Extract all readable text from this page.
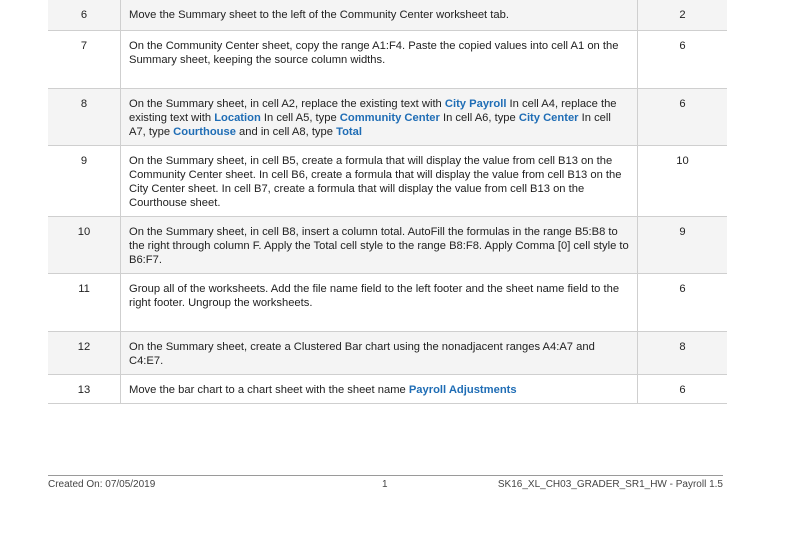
6	Move the Summary sheet to the left of the Community Center worksheet tab.	2
7	On the Community Center sheet, copy the range A1:F4. Paste the copied values into cell A1 on the Summary sheet, keeping the source column widths.	6
8	On the Summary sheet, in cell A2, replace the existing text with City Payroll In cell A4, replace the existing text with Location In cell A5, type Community Center In cell A6, type City Center In cell A7, type Courthouse and in cell A8, type Total	6
9	On the Summary sheet, in cell B5, create a formula that will display the value from cell B13 on the Community Center sheet. In cell B6, create a formula that will display the value from cell B13 on the City Center sheet. In cell B7, create a formula that will display the value from cell B13 on the Courthouse sheet.	10
10	On the Summary sheet, in cell B8, insert a column total. AutoFill the formulas in the range B5:B8 to the right through column F. Apply the Total cell style to the range B8:F8. Apply Comma [0] cell style to B6:F7.	9
11	Group all of the worksheets. Add the file name field to the left footer and the sheet name field to the right footer. Ungroup the worksheets.	6
12	On the Summary sheet, create a Clustered Bar chart using the nonadjacent ranges A4:A7 and C4:E7.	8
13	Move the bar chart to a chart sheet with the sheet name Payroll Adjustments	6
Created On: 07/05/2019	1	SK16_XL_CH03_GRADER_SR1_HW - Payroll 1.5
